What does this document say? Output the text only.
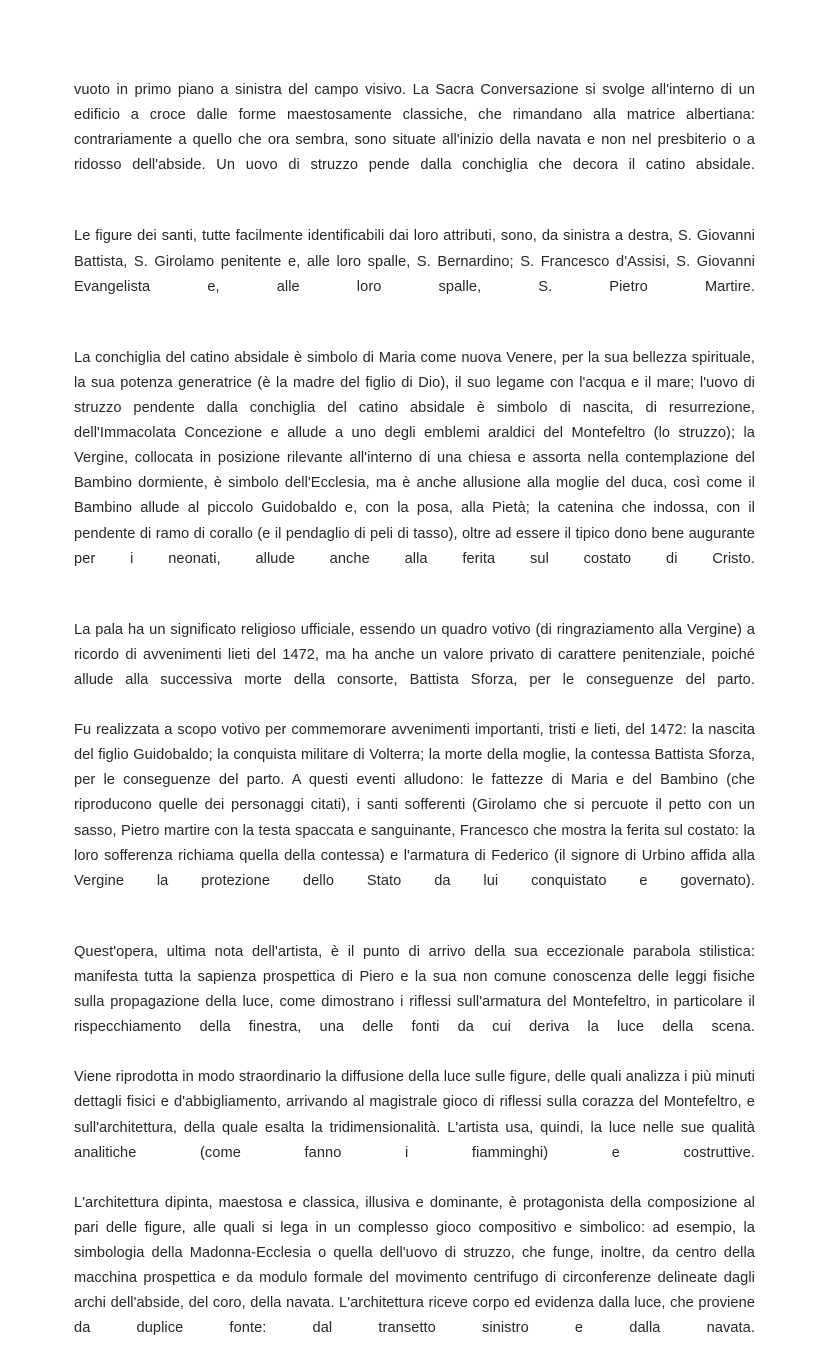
vuoto in primo piano a sinistra del campo visivo. La Sacra Conversazione si svolge all'interno di un edificio a croce dalle forme maestosamente classiche, che rimandano alla matrice albertiana: contrariamente a quello che ora sembra, sono situate all'inizio della navata e non nel presbiterio o a ridosso dell'abside. Un uovo di struzzo pende dalla conchiglia che decora il catino absidale.

Le figure dei santi, tutte facilmente identificabili dai loro attributi, sono, da sinistra a destra, S. Giovanni Battista, S. Girolamo penitente e, alle loro spalle, S. Bernardino; S. Francesco d'Assisi, S. Giovanni Evangelista e, alle loro spalle, S. Pietro Martire.

La conchiglia del catino absidale è simbolo di Maria come nuova Venere, per la sua bellezza spirituale, la sua potenza generatrice (è la madre del figlio di Dio), il suo legame con l'acqua e il mare; l'uovo di struzzo pendente dalla conchiglia del catino absidale è simbolo di nascita, di resurrezione, dell'Immacolata Concezione e allude a uno degli emblemi araldici del Montefeltro (lo struzzo); la Vergine, collocata in posizione rilevante all'interno di una chiesa e assorta nella contemplazione del Bambino dormiente, è simbolo dell'Ecclesia, ma è anche allusione alla moglie del duca, così come il Bambino allude al piccolo Guidobaldo e, con la posa, alla Pietà; la catenina che indossa, con il pendente di ramo di corallo (e il pendaglio di peli di tasso), oltre ad essere il tipico dono bene augurante per i neonati, allude anche alla ferita sul costato di Cristo.

La pala ha un significato religioso ufficiale, essendo un quadro votivo (di ringraziamento alla Vergine) a ricordo di avvenimenti lieti del 1472, ma ha anche un valore privato di carattere penitenziale, poiché allude alla successiva morte della consorte, Battista Sforza, per le conseguenze del parto.
Fu realizzata a scopo votivo per commemorare avvenimenti importanti, tristi e lieti, del 1472: la nascita del figlio Guidobaldo; la conquista militare di Volterra; la morte della moglie, la contessa Battista Sforza, per le conseguenze del parto. A questi eventi alludono: le fattezze di Maria e del Bambino (che riproducono quelle dei personaggi citati), i santi sofferenti (Girolamo che si percuote il petto con un sasso, Pietro martire con la testa spaccata e sanguinante, Francesco che mostra la ferita sul costato: la loro sofferenza richiama quella della contessa) e l'armatura di Federico (il signore di Urbino affida alla Vergine la protezione dello Stato da lui conquistato e governato).

Quest'opera, ultima nota dell'artista, è il punto di arrivo della sua eccezionale parabola stilistica: manifesta tutta la sapienza prospettica di Piero e la sua non comune conoscenza delle leggi fisiche sulla propagazione della luce, come dimostrano i riflessi sull'armatura del Montefeltro, in particolare il rispecchiamento della finestra, una delle fonti da cui deriva la luce della scena.
Viene riprodotta in modo straordinario la diffusione della luce sulle figure, delle quali analizza i più minuti dettagli fisici e d'abbigliamento, arrivando al magistrale gioco di riflessi sulla corazza del Montefeltro, e sull'architettura, della quale esalta la tridimensionalità. L'artista usa, quindi, la luce nelle sue qualità analitiche (come fanno i fiamminghi) e costruttive.
L'architettura dipinta, maestosa e classica, illusiva e dominante, è protagonista della composizione al pari delle figure, alle quali si lega in un complesso gioco compositivo e simbolico: ad esempio, la simbologia della Madonna-Ecclesia o quella dell'uovo di struzzo, che funge, inoltre, da centro della macchina prospettica e da modulo formale del movimento centrifugo di circonferenze delineate dagli archi dell'abside, del coro, della navata. L'architettura riceve corpo ed evidenza dalla luce, che proviene da duplice fonte: dal transetto sinistro e dalla navata.
